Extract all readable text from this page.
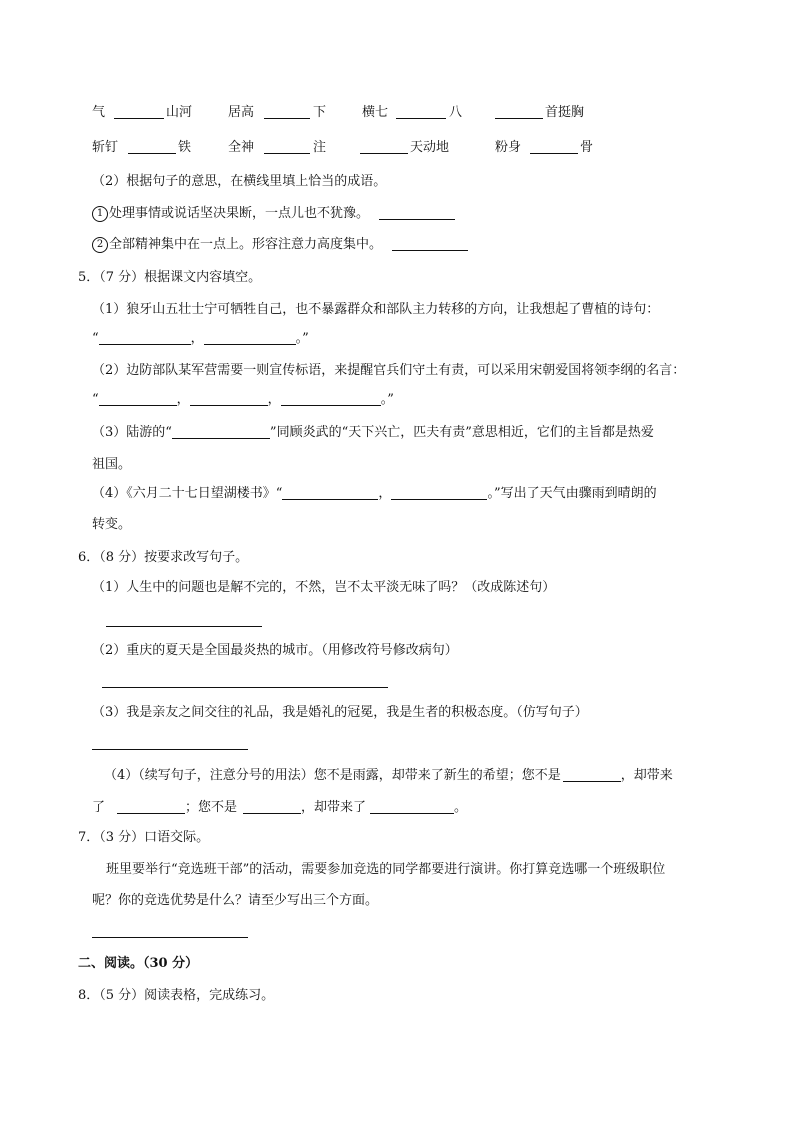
气	山河	居高	下	横七	八	首挺胸
斩钉	铁	全神	注	天动地	粉身	骨
（2）根据句子的意思，在横线里填上恰当的成语。
1 处理事情或说话坚决果断，一点儿也不犹豫。
2 全部精神集中在一点上。形容注意力高度集中。
5．（7 分）根据课文内容填空。
（1）狼牙山五壮士宁可牺牲自己，也不暴露群众和部队主力转移的方向，让我想起了曹植的诗句：
“	，	。”
（2）边防部队某军营需要一则宣传标语，来提醒官兵们守土有责，可以采用宋朝爱国将领李纲的名言：
“	，	，	。”
（3）陆游的“	”同顾炎武的“天下兴亡，匹夫有责”意思相近，它们的主旨都是热爱
祖国。
（4）《六月二十七日望湖楼书》“	，	。”写出了天气由骤雨到晴朗的
转变。
6．（8 分）按要求改写句子。
（1）人生中的问题也是解不完的，不然，岂不太平淡无味了吗？（改成陈述句）
（2）重庆的夏天是全国最炎热的城市。（用修改符号修改病句）
（3）我是亲友之间交往的礼品，我是婚礼的冠冕，我是生者的积极态度。（仿写句子）
（4）（续写句子，注意分号的用法）您不是雨露，却带来了新生的希望；您不是	，却带来
了	；您不是	，却带来了	。
7．（3 分）口语交际。
班里要举行“竞选班干部”的活动，需要参加竞选的同学都要进行演讲。你打算竞选哪一个班级职位
呢？你的竞选优势是什么？请至少写出三个方面。
二、阅读。（30 分）
8．（5 分）阅读表格，完成练习。
